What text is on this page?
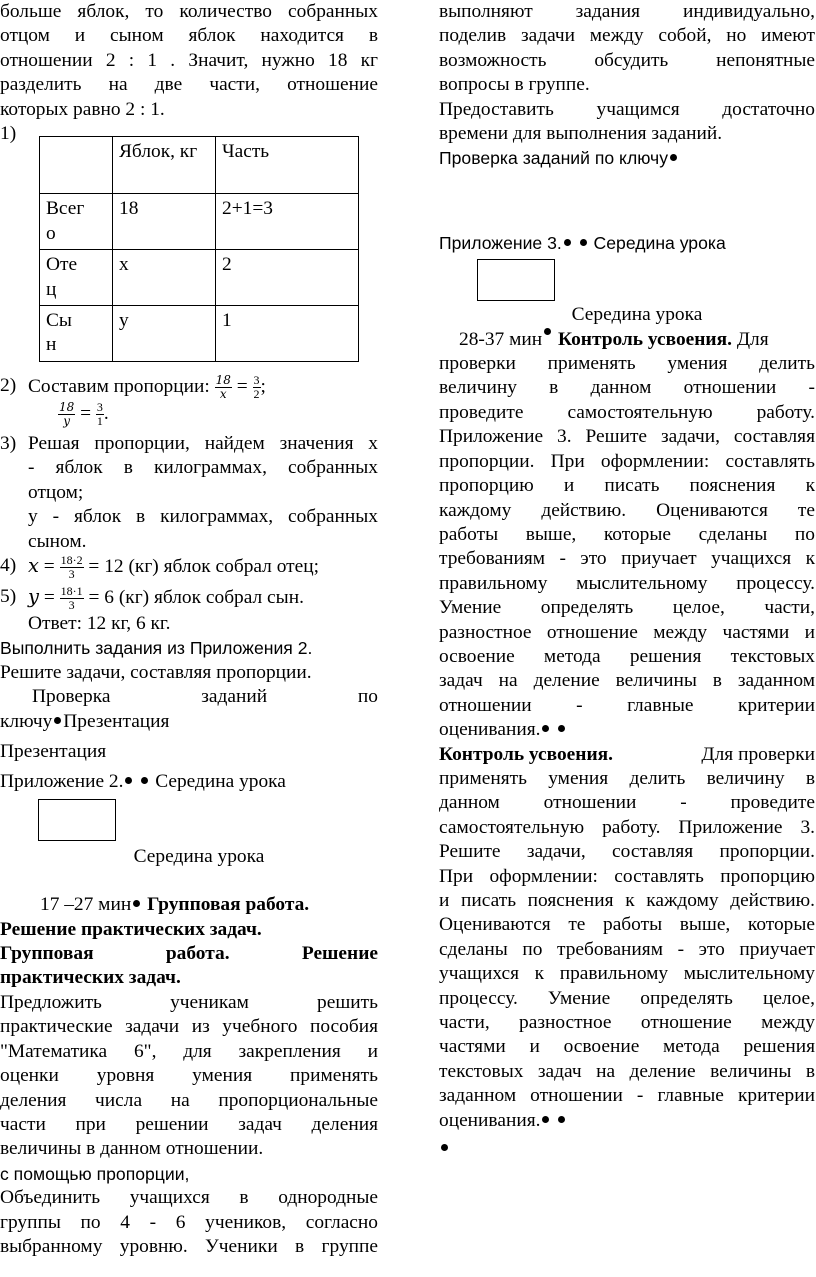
больше яблок, то количество собранных

отцом и сыном яблок находится в

отношении 2 : 1 . Значит, нужно 18 кг

разделить на две части, отношение

которых равно 2 : 1.

1)

	Яблок, кг	Часть

Всего	18	2+1=3

Отец	x	2

Сын	y	1
2) Составим пропорции: $\frac{18}{x} = \frac{3}{2}$ ;

$\frac{18}{y} = \frac{3}{1}$ .
3) Решая пропорции, найдем значения х

- яблок в килограммах, собранных

отцом;

у - яблок в килограммах, собранных

сыном.

4) $x = \frac{18\cdot 2}{3} = 12$ (кг) яблок собрал отец;
5) $y = \frac{18\cdot 1}{3} = 6$ (кг) яблок собрал сын.

Ответ: 12 кг, 6 кг.

Выполнить задания из Приложения 2.

Решите задачи, составляя пропорции.

Проверка	заданий	по

ключу Презентация

Презентация

Приложение 2. Середина урока

Середина урока

17 –27 мин Групповая работа.

Решение практических задач.

Групповая	работа.	Решение

практических задач.

Предложить ученикам решить

практические задачи из учебного пособия

"Математика 6", для закрепления и

оценки уровня умения применять

деления числа на пропорциональные

части при решении задач деления

величины в данном отношении.

с помощью пропорции,

Объединить учащихся в однородные

группы по 4 - 6 учеников, согласно

выбранному уровню. Ученики в группе

выполняют задания индивидуально,

поделив задачи между собой, но имеют

возможность обсудить непонятные

вопросы в группе.

Предоставить учащимся достаточно

времени для выполнения заданий.

Проверка заданий по ключу

Приложение 3. Середина урока

Середина урока

28-37 мин
Контроль усвоения.
Для

проверки применять умения делить

величину в данном отношении -

проведите самостоятельную работу.

Приложение 3. Решите задачи, составляя

пропорции. При оформлении: составлять

пропорцию и писать пояснения к

каждому действию. Оцениваются те

работы выше, которые сделаны по

требованиям - это приучает учащихся к

правильному мыслительному процессу.

Умение определять целое, части,

разностное отношение между частями и

освоение метода решения текстовых

задач на деление величины в заданном

отношении - главные критерии

оценивания.

Контроль усвоения.	Для проверки

применять умения делить величину в

данном отношении - проведите

самостоятельную работу. Приложение 3.

Решите задачи, составляя пропорции.

При оформлении: составлять пропорцию

и писать пояснения к каждому действию.

Оцениваются те работы выше, которые

сделаны по требованиям - это приучает

учащихся к правильному мыслительному

процессу. Умение определять целое,

части, разностное отношение между

частями и освоение метода решения

текстовых задач на деление величины в

заданном отношении - главные критерии

оценивания.
